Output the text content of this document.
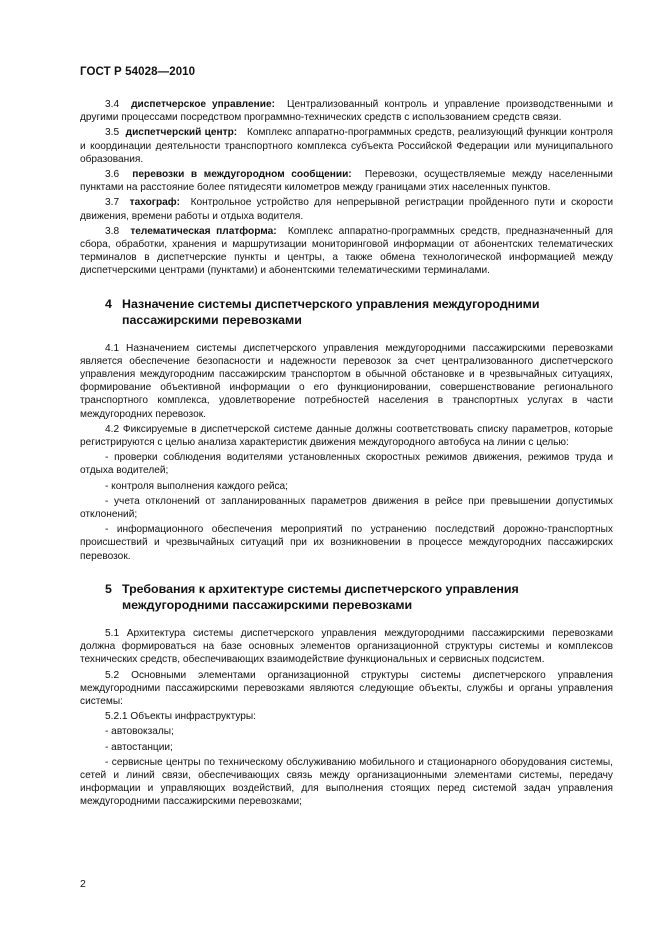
ГОСТ Р 54028—2010

3.4 диспетчерское управление: Централизованный контроль и управление производственными и другими процессами посредством программно-технических средств с использованием средств связи.

3.5 диспетчерский центр: Комплекс аппаратно-программных средств, реализующий функции контроля и координации деятельности транспортного комплекса субъекта Российской Федерации или муниципального образования.

3.6 перевозки в междугородном сообщении: Перевозки, осуществляемые между населенными пунктами на расстояние более пятидесяти километров между границами этих населенных пунктов.

3.7 тахограф: Контрольное устройство для непрерывной регистрации пройденного пути и скорости движения, времени работы и отдыха водителя.

3.8 телематическая платформа: Комплекс аппаратно-программных средств, предназначенный для сбора, обработки, хранения и маршрутизации мониторинговой информации от абонентских телематических терминалов в диспетчерские пункты и центры, а также обмена технологической информацией между диспетчерскими центрами (пунктами) и абонентскими телематическими терминалами.

4 Назначение системы диспетчерского управления междугородними
пассажирскими перевозками

4.1 Назначением системы диспетчерского управления междугородними пассажирскими перевозками является обеспечение безопасности и надежности перевозок за счет централизованного диспетчерского управления междугородним пассажирским транспортом в обычной обстановке и в чрезвычайных ситуациях, формирование объективной информации о его функционировании, совершенствование регионального транспортного комплекса, удовлетворение потребностей населения в транспортных услугах в части междугородних перевозок.

4.2 Фиксируемые в диспетчерской системе данные должны соответствовать списку параметров, которые регистрируются с целью анализа характеристик движения междугородного автобуса на линии с целью:

- проверки соблюдения водителями установленных скоростных режимов движения, режимов труда и отдыха водителей;

- контроля выполнения каждого рейса;

- учета отклонений от запланированных параметров движения в рейсе при превышении допустимых отклонений;

- информационного обеспечения мероприятий по устранению последствий дорожно-транспортных происшествий и чрезвычайных ситуаций при их возникновении в процессе междугородних пассажирских перевозок.

5 Требования к архитектуре системы диспетчерского управления
междугородними пассажирскими перевозками

5.1 Архитектура системы диспетчерского управления междугородними пассажирскими перевозками должна формироваться на базе основных элементов организационной структуры системы и комплексов технических средств, обеспечивающих взаимодействие функциональных и сервисных подсистем.

5.2 Основными элементами организационной структуры системы диспетчерского управления междугородними пассажирскими перевозками являются следующие объекты, службы и органы управления системы:

5.2.1 Объекты инфраструктуры:

- автовокзалы;

- автостанции;

- сервисные центры по техническому обслуживанию мобильного и стационарного оборудования системы, сетей и линий связи, обеспечивающих связь между организационными элементами системы, передачу информации и управляющих воздействий, для выполнения стоящих перед системой задач управления междугородними пассажирскими перевозками;

2
